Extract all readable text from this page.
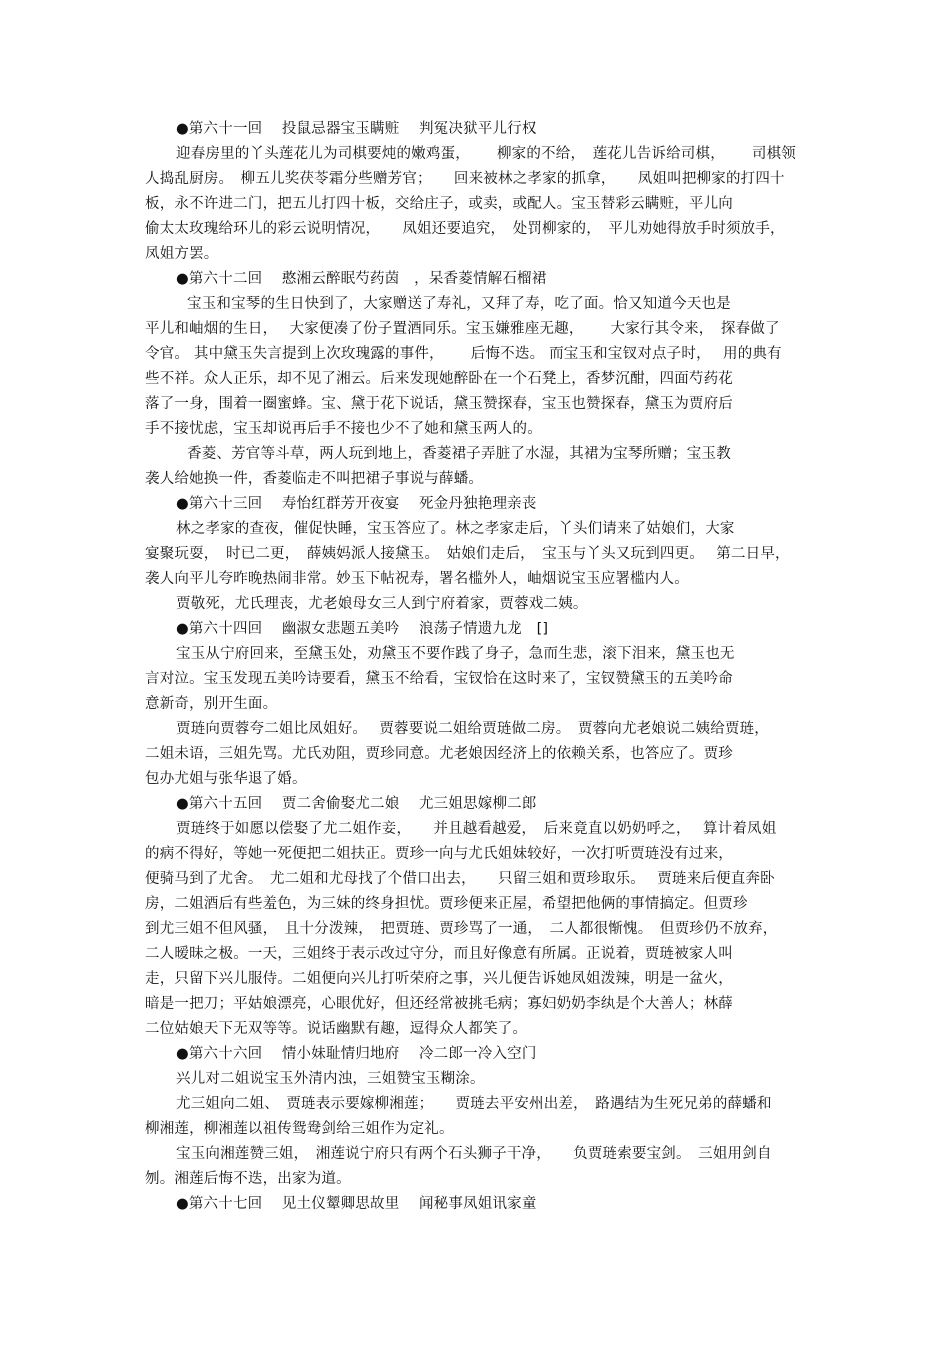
●第六十一回　 投鼠忌器宝玉瞒赃　 判冤决狱平儿行权
迎春房里的丫头莲花儿为司棋要炖的嫩鸡蛋，　　 柳家的不给，　莲花儿告诉给司棋，　　 司棋领
人捣乱厨房。　柳五儿奖茯苓霜分些赠芳官；　　回来被林之孝家的抓拿，　　凤姐叫把柳家的打四十
板，永不许进二门，把五儿打四十板，交给庄子，或卖，或配人。宝玉替彩云瞒赃，平儿向
偷太太玫瑰给环儿的彩云说明情况，　　凤姐还要追究，　处罚柳家的，　平儿劝她得放手时须放手，
凤姐方罢。
●第六十二回　 憨湘云醉眠芍药茵　，呆香菱情解石榴裙
宝玉和宝琴的生日快到了，大家赠送了寿礼，又拜了寿，吃了面。恰又知道今天也是
平儿和岫烟的生日，　 大家便凑了份子置酒同乐。宝玉嫌雅座无趣，　　 大家行其令来，　探春做了
令官。 其中黛玉失言提到上次玫瑰露的事件，　　 后悔不迭。 而宝玉和宝钗对点子时，　 用的典有
些不祥。众人正乐，却不见了湘云。后来发现她醉卧在一个石凳上，香梦沉酣，四面芍药花
落了一身，围着一圈蜜蜂。宝、黛于花下说话，黛玉赞探春，宝玉也赞探春，黛玉为贾府后
手不接忧虑，宝玉却说再后手不接也少不了她和黛玉两人的。
香菱、芳官等斗草，两人玩到地上，香菱裙子弄脏了水湿，其裙为宝琴所赠；宝玉教
袭人给她换一件，香菱临走不叫把裙子事说与薛蟠。
●第六十三回　 寿怡红群芳开夜宴　 死金丹独艳理亲丧
林之孝家的查夜，催促快睡，宝玉答应了。林之孝家走后，丫头们请来了姑娘们，大家
宴聚玩耍，　时已二更，　薛姨妈派人接黛玉。　姑娘们走后，　宝玉与丫头又玩到四更。　 第二日早，
袭人向平儿夸昨晚热闹非常。妙玉下帖祝寿，署名槛外人，岫烟说宝玉应署槛内人。
贾敬死，尤氏理丧，尤老娘母女三人到宁府着家，贾蓉戏二姨。
●第六十四回　 幽淑女悲题五美吟　 浪荡子情遗九龙　[]
宝玉从宁府回来，至黛玉处，劝黛玉不要作践了身子，急而生悲，滚下泪来，黛玉也无
言对泣。宝玉发现五美吟诗要看，黛玉不给看，宝钗恰在这时来了，宝钗赞黛玉的五美吟命
意新奇，别开生面。
贾琏向贾蓉夸二姐比凤姐好。　 贾蓉要说二姐给贾琏做二房。　贾蓉向尤老娘说二姨给贾琏，
二姐未语，三姐先骂。尤氏劝阻，贾珍同意。尤老娘因经济上的依赖关系，也答应了。贾珍
包办尤姐与张华退了婚。
●第六十五回　 贾二舍偷娶尤二娘　 尤三姐思嫁柳二郎
贾琏终于如愿以偿娶了尤二姐作妾，　　并且越看越爱，　后来竟直以奶奶呼之，　 算计着凤姐
的病不得好，等她一死便把二姐扶正。贾珍一向与尤氏姐妹较好，一次打听贾琏没有过来，
便骑马到了尤舍。　尤二姐和尤母找了个借口出去，　　只留三姐和贾珍取乐。　 贾琏来后便直奔卧
房，二姐酒后有些羞色，为三妹的终身担忧。贾珍便来正屋，希望把他俩的事情搞定。但贾珍
到尤三姐不但风骚，　且十分泼辣，　把贾琏、贾珍骂了一通，　二人都很惭愧。　但贾珍仍不放弃，
二人暧昧之极。一天，三姐终于表示改过守分，而且好像意有所属。正说着，贾琏被家人叫
走，只留下兴儿服侍。二姐便向兴儿打听荣府之事，兴儿便告诉她凤姐泼辣，明是一盆火，
暗是一把刀；平姑娘漂亮，心眼优好，但还经常被挑毛病；寡妇奶奶李纨是个大善人；林薛
二位姑娘天下无双等等。说话幽默有趣，逗得众人都笑了。
●第六十六回　 情小妹耻情归地府　 冷二郎一冷入空门
兴儿对二姐说宝玉外清内浊，三姐赞宝玉糊涂。
尤三姐向二姐、　贾琏表示要嫁柳湘莲；　　贾琏去平安州出差，　路遇结为生死兄弟的薛蟠和
柳湘莲，柳湘莲以祖传鸳鸯剑给三姐作为定礼。
宝玉向湘莲赞三姐，　湘莲说宁府只有两个石头狮子干净，　　负贾琏索要宝剑。　三姐用剑自
刎。湘莲后悔不迭，出家为道。
●第六十七回　 见土仪颦卿思故里　 闻秘事凤姐讯家童
